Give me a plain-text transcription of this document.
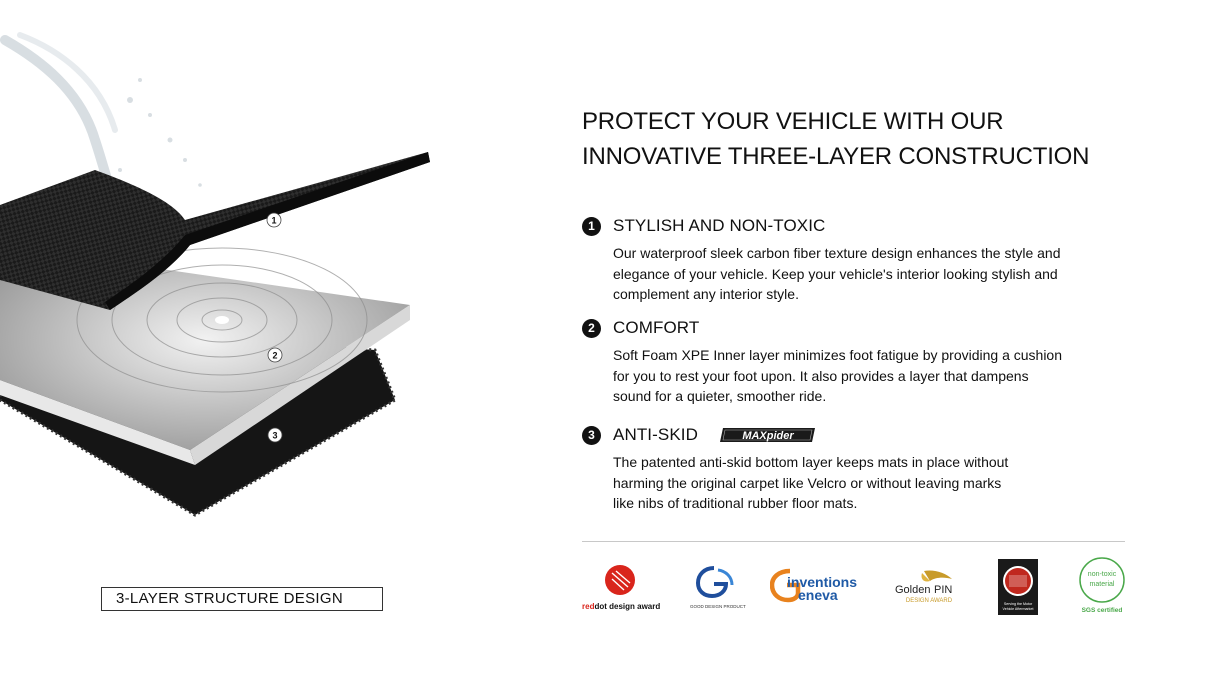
1
2
3
3-LAYER STRUCTURE DESIGN
PROTECT YOUR VEHICLE WITH OUR
INNOVATIVE THREE-LAYER CONSTRUCTION
1	STYLISH AND NON-TOXIC
Our waterproof sleek carbon fiber texture design enhances the style and
elegance of your vehicle. Keep your vehicle's interior looking stylish and
complement any interior style.
2	COMFORT
Soft Foam XPE Inner layer minimizes foot fatigue by providing a cushion
for you to rest your foot upon. It also provides a layer that dampens
sound for a quieter, smoother ride.
3	ANTI-SKID	MAXpider
The patented anti-skid bottom layer keeps mats in place without
harming the original carpet like Velcro or without leaving marks
like nibs of traditional rubber floor mats.
reddot design award	GOOD DESIGN PRODUCT
inventions
eneva	Golden PIN
DESIGN AWARD	Serving the Motor
Vehicle Aftermarket
non-toxic
material
SGS certified
